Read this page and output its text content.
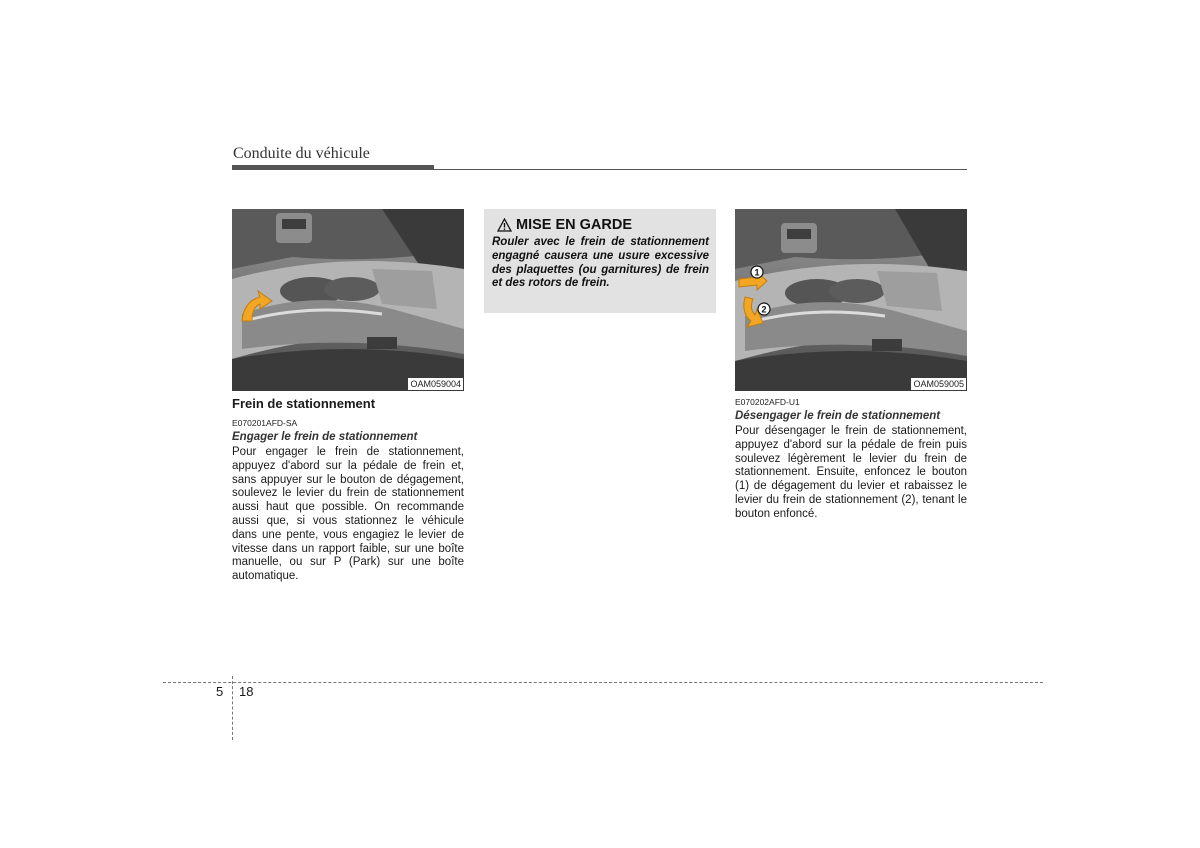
Conduite du véhicule
OAM059004
Frein de stationnement
E070201AFD-SA
Engager le frein de stationnement
Pour engager le frein de stationnement, appuyez d'abord sur la pédale de frein et, sans appuyer sur le bouton de dégagement, soulevez le levier du frein de stationnement aussi haut que possible. On recommande aussi que, si vous stationnez le véhicule dans une pente, vous engagiez le levier de vitesse dans un rapport faible, sur une boîte manuelle, ou sur P (Park) sur une boîte automatique.
MISE EN GARDE
Rouler avec le frein de stationnement engagné causera une usure excessive des plaquettes (ou garnitures) de frein et des rotors de frein.
1
2
OAM059005
E070202AFD-U1
Désengager le frein de stationnement
Pour désengager le frein de stationnement, appuyez d'abord sur la pédale de frein puis soulevez légèrement le levier du frein de stationnement. Ensuite, enfoncez le bouton (1) de dégagement du levier et rabaissez le levier du frein de stationnement (2), tenant le bouton enfoncé.
5 18
